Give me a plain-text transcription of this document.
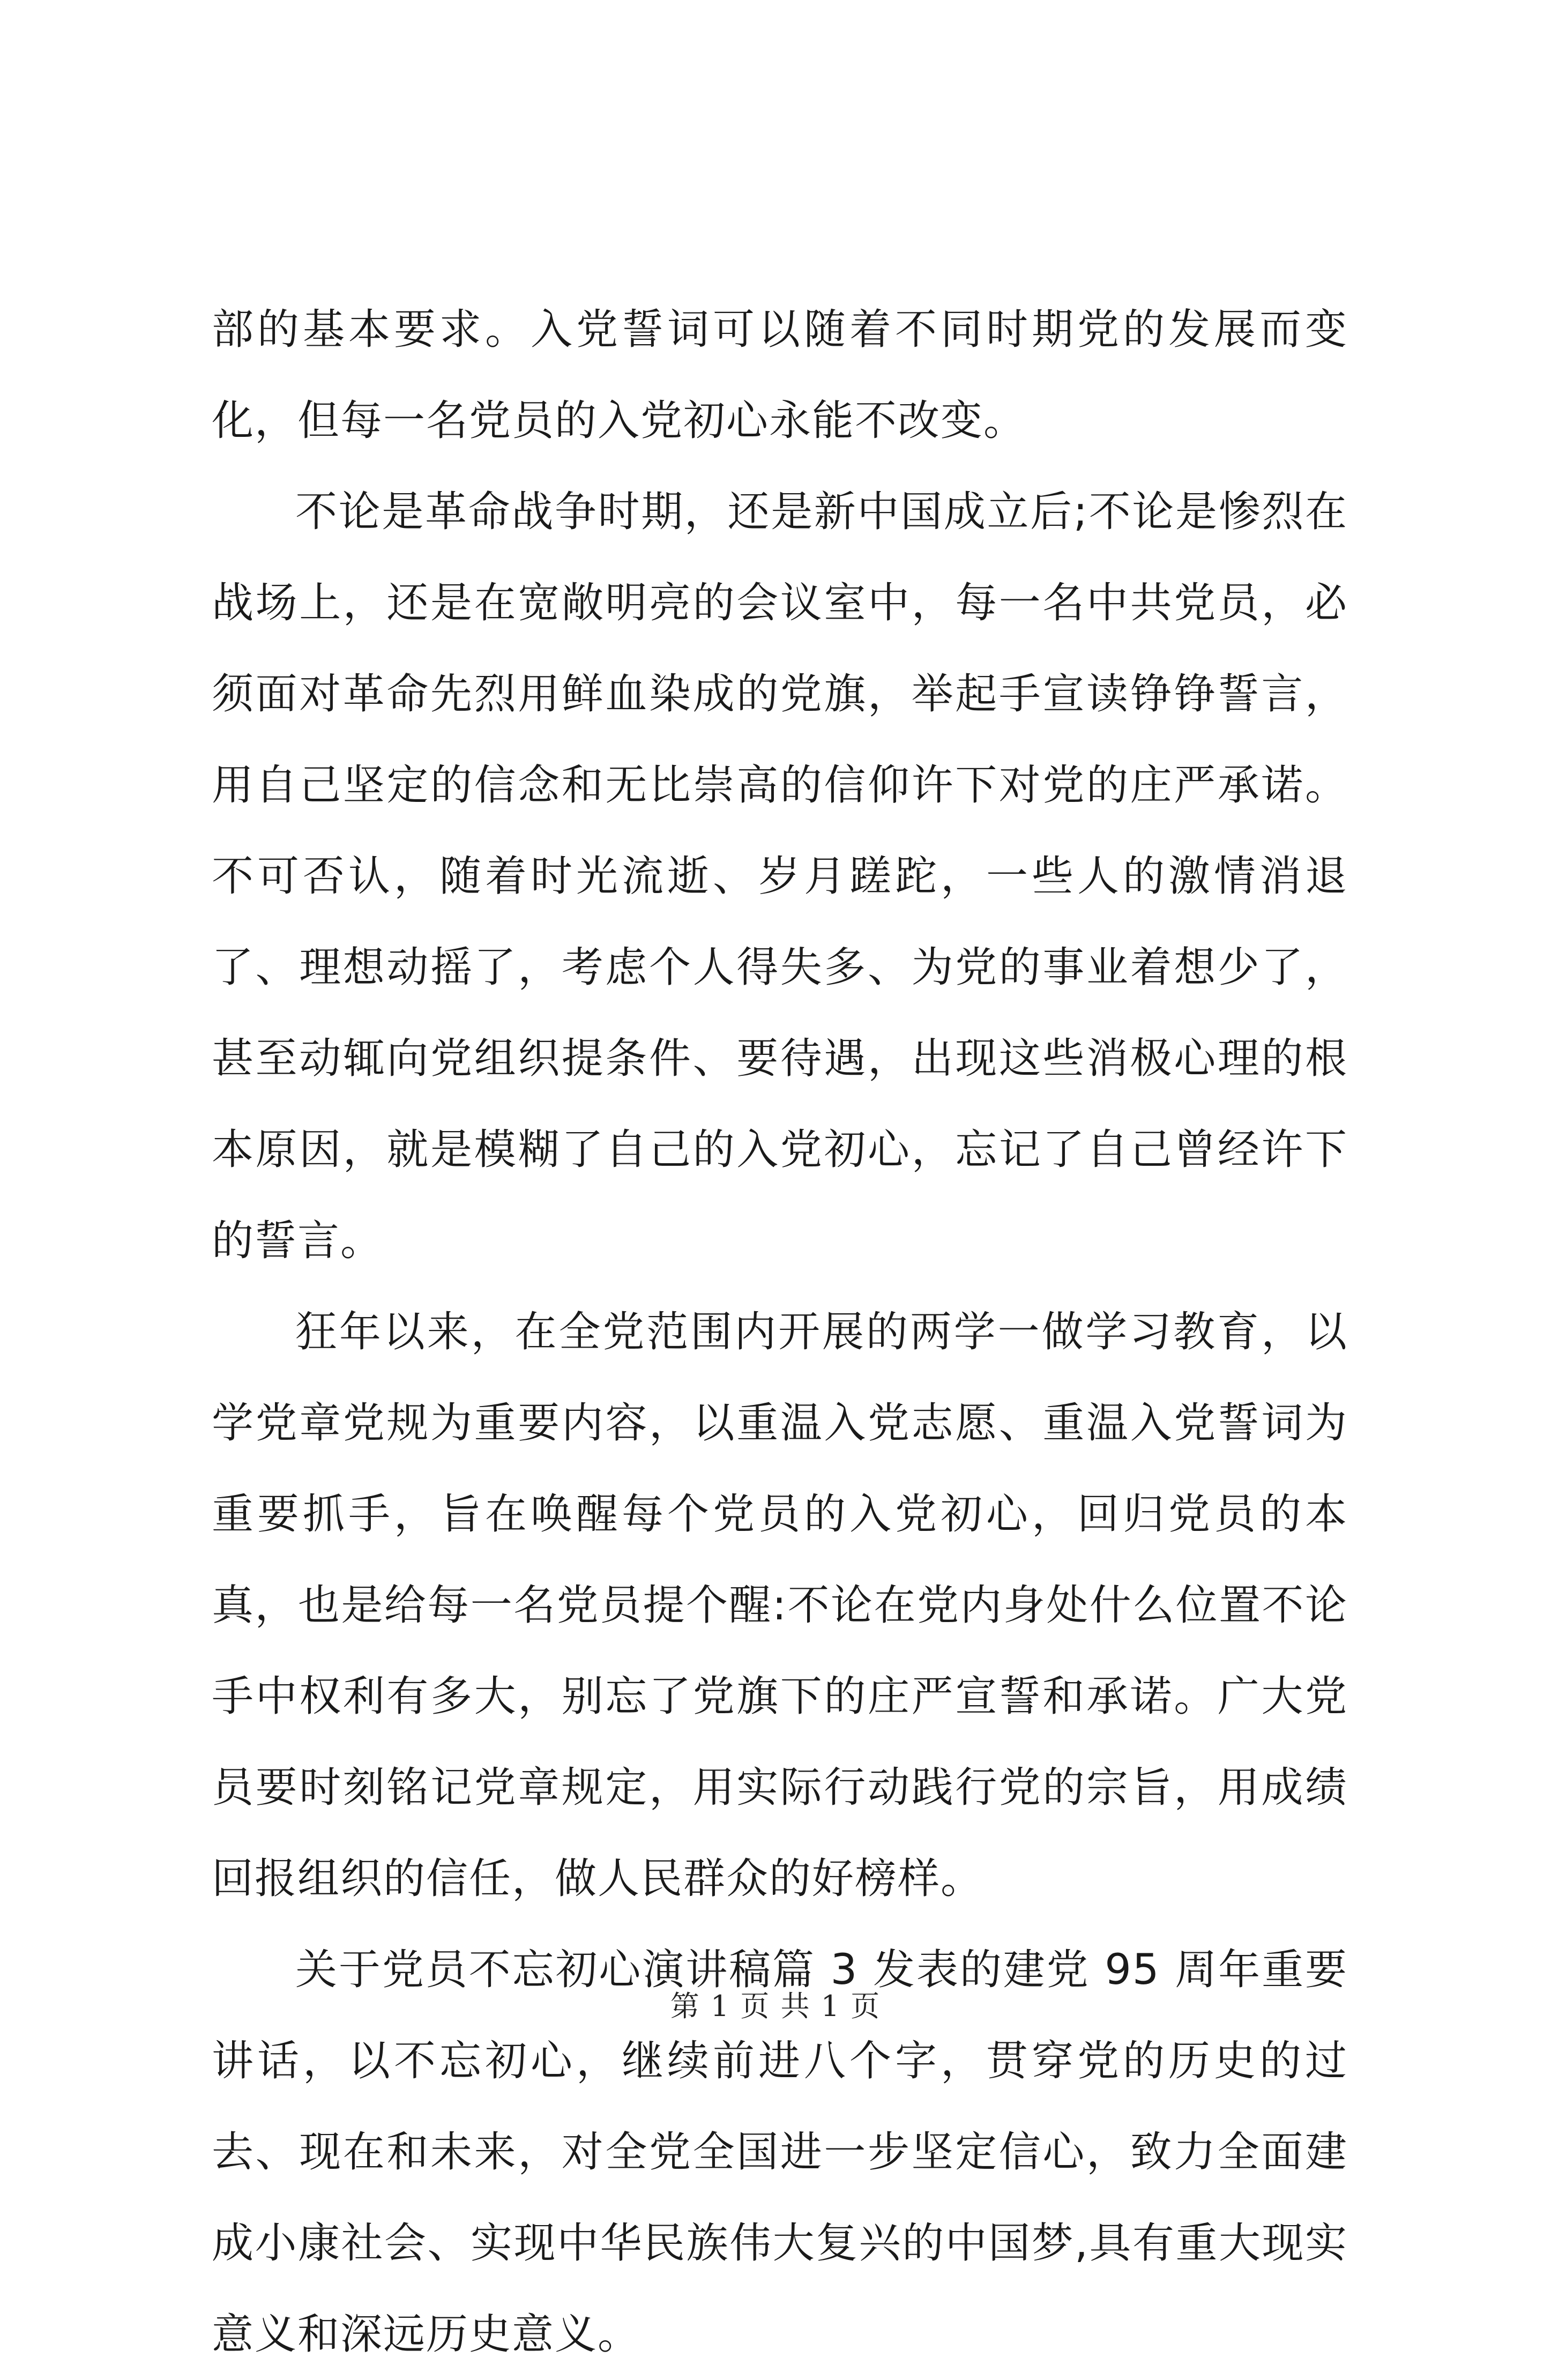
部的基本要求。入党誓词可以随着不同时期党的发展而变化，但每一名党员的入党初心永能不改变。

不论是革命战争时期，还是新中国成立后;不论是惨烈在战场上，还是在宽敞明亮的会议室中，每一名中共党员，必须面对革命先烈用鲜血染成的党旗，举起手宣读铮铮誓言，用自己坚定的信念和无比崇高的信仰许下对党的庄严承诺。不可否认，随着时光流逝、岁月蹉跎，一些人的激情消退了、理想动摇了，考虑个人得失多、为党的事业着想少了，甚至动辄向党组织提条件、要待遇，出现这些消极心理的根本原因，就是模糊了自己的入党初心，忘记了自己曾经许下的誓言。

狂年以来，在全党范围内开展的两学一做学习教育，以学党章党规为重要内容，以重温入党志愿、重温入党誓词为重要抓手，旨在唤醒每个党员的入党初心，回归党员的本真，也是给每一名党员提个醒:不论在党内身处什么位置不论手中权利有多大，别忘了党旗下的庄严宣誓和承诺。广大党员要时刻铭记党章规定，用实际行动践行党的宗旨，用成绩回报组织的信任，做人民群众的好榜样。

关于党员不忘初心演讲稿篇 3 发表的建党 95 周年重要讲话，以不忘初心，继续前进八个字，贯穿党的历史的过去、现在和未来，对全党全国进一步坚定信心，致力全面建成小康社会、实现中华民族伟大复兴的中国梦,具有重大现实意义和深远历史意义。

第 1 页 共 1 页
